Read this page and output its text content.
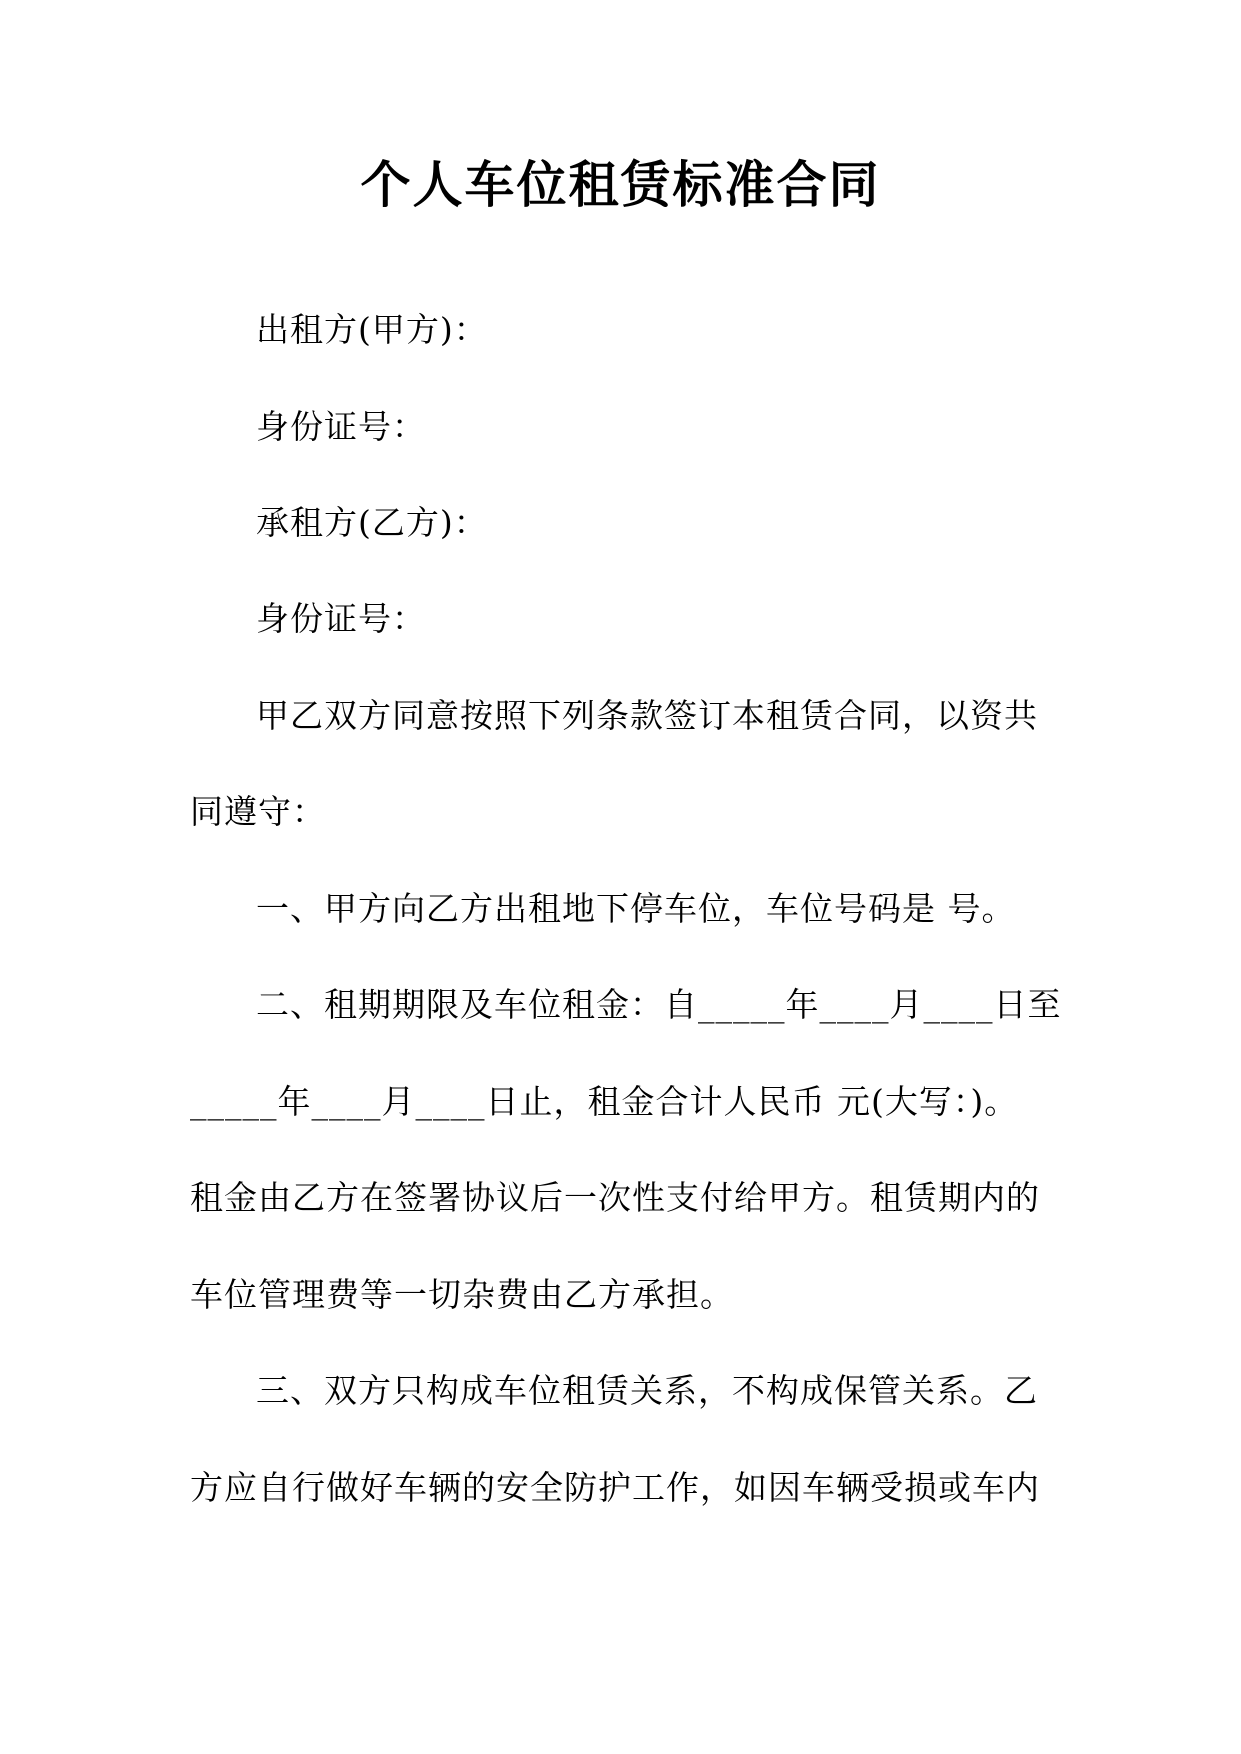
个人车位租赁标准合同
出租方(甲方)：
身份证号：
承租方(乙方)：
身份证号：
甲乙双方同意按照下列条款签订本租赁合同，以资共
同遵守：
一、甲方向乙方出租地下停车位，车位号码是 号。
二、租期期限及车位租金：自_____年____月____日至
_____年____月____日止，租金合计人民币 元(大写：)。
租金由乙方在签署协议后一次性支付给甲方。租赁期内的
车位管理费等一切杂费由乙方承担。
三、双方只构成车位租赁关系，不构成保管关系。乙
方应自行做好车辆的安全防护工作，如因车辆受损或车内
